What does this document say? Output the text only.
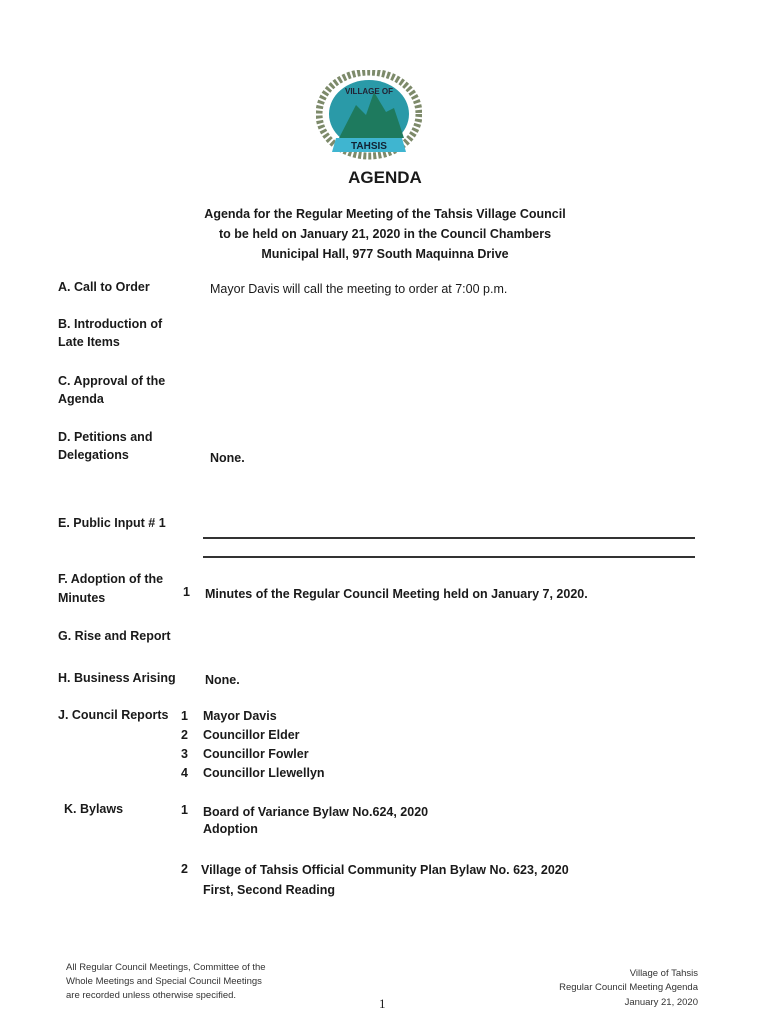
VILLAGE OF
TAHSIS
AGENDA
Agenda for the Regular Meeting of the Tahsis Village Council
to be held on January 21, 2020 in the Council Chambers
Municipal Hall, 977 South Maquinna Drive
A. Call to Order	Mayor Davis will call the meeting to order at 7:00 p.m.
B. Introduction of
Late Items
C. Approval of the
Agenda
D. Petitions and
Delegations	None.
E. Public Input # 1
F. Adoption of the
Minutes	1 Minutes of the Regular Council Meeting held on January 7, 2020.
G. Rise and Report
H. Business Arising None.
J. Council Reports 1 Mayor Davis
2 Councillor Elder
3 Councillor Fowler
4 Councillor Llewellyn
K. Bylaws	1 Board of Variance Bylaw No.624, 2020
Adoption
2 Village of Tahsis Official Community Plan Bylaw No. 623, 2020
First, Second Reading
All Regular Council Meetings, Committee of the
Whole Meetings and Special Council Meetings
are recorded unless otherwise specified.
1
Village of Tahsis
Regular Council Meeting Agenda
January 21, 2020
